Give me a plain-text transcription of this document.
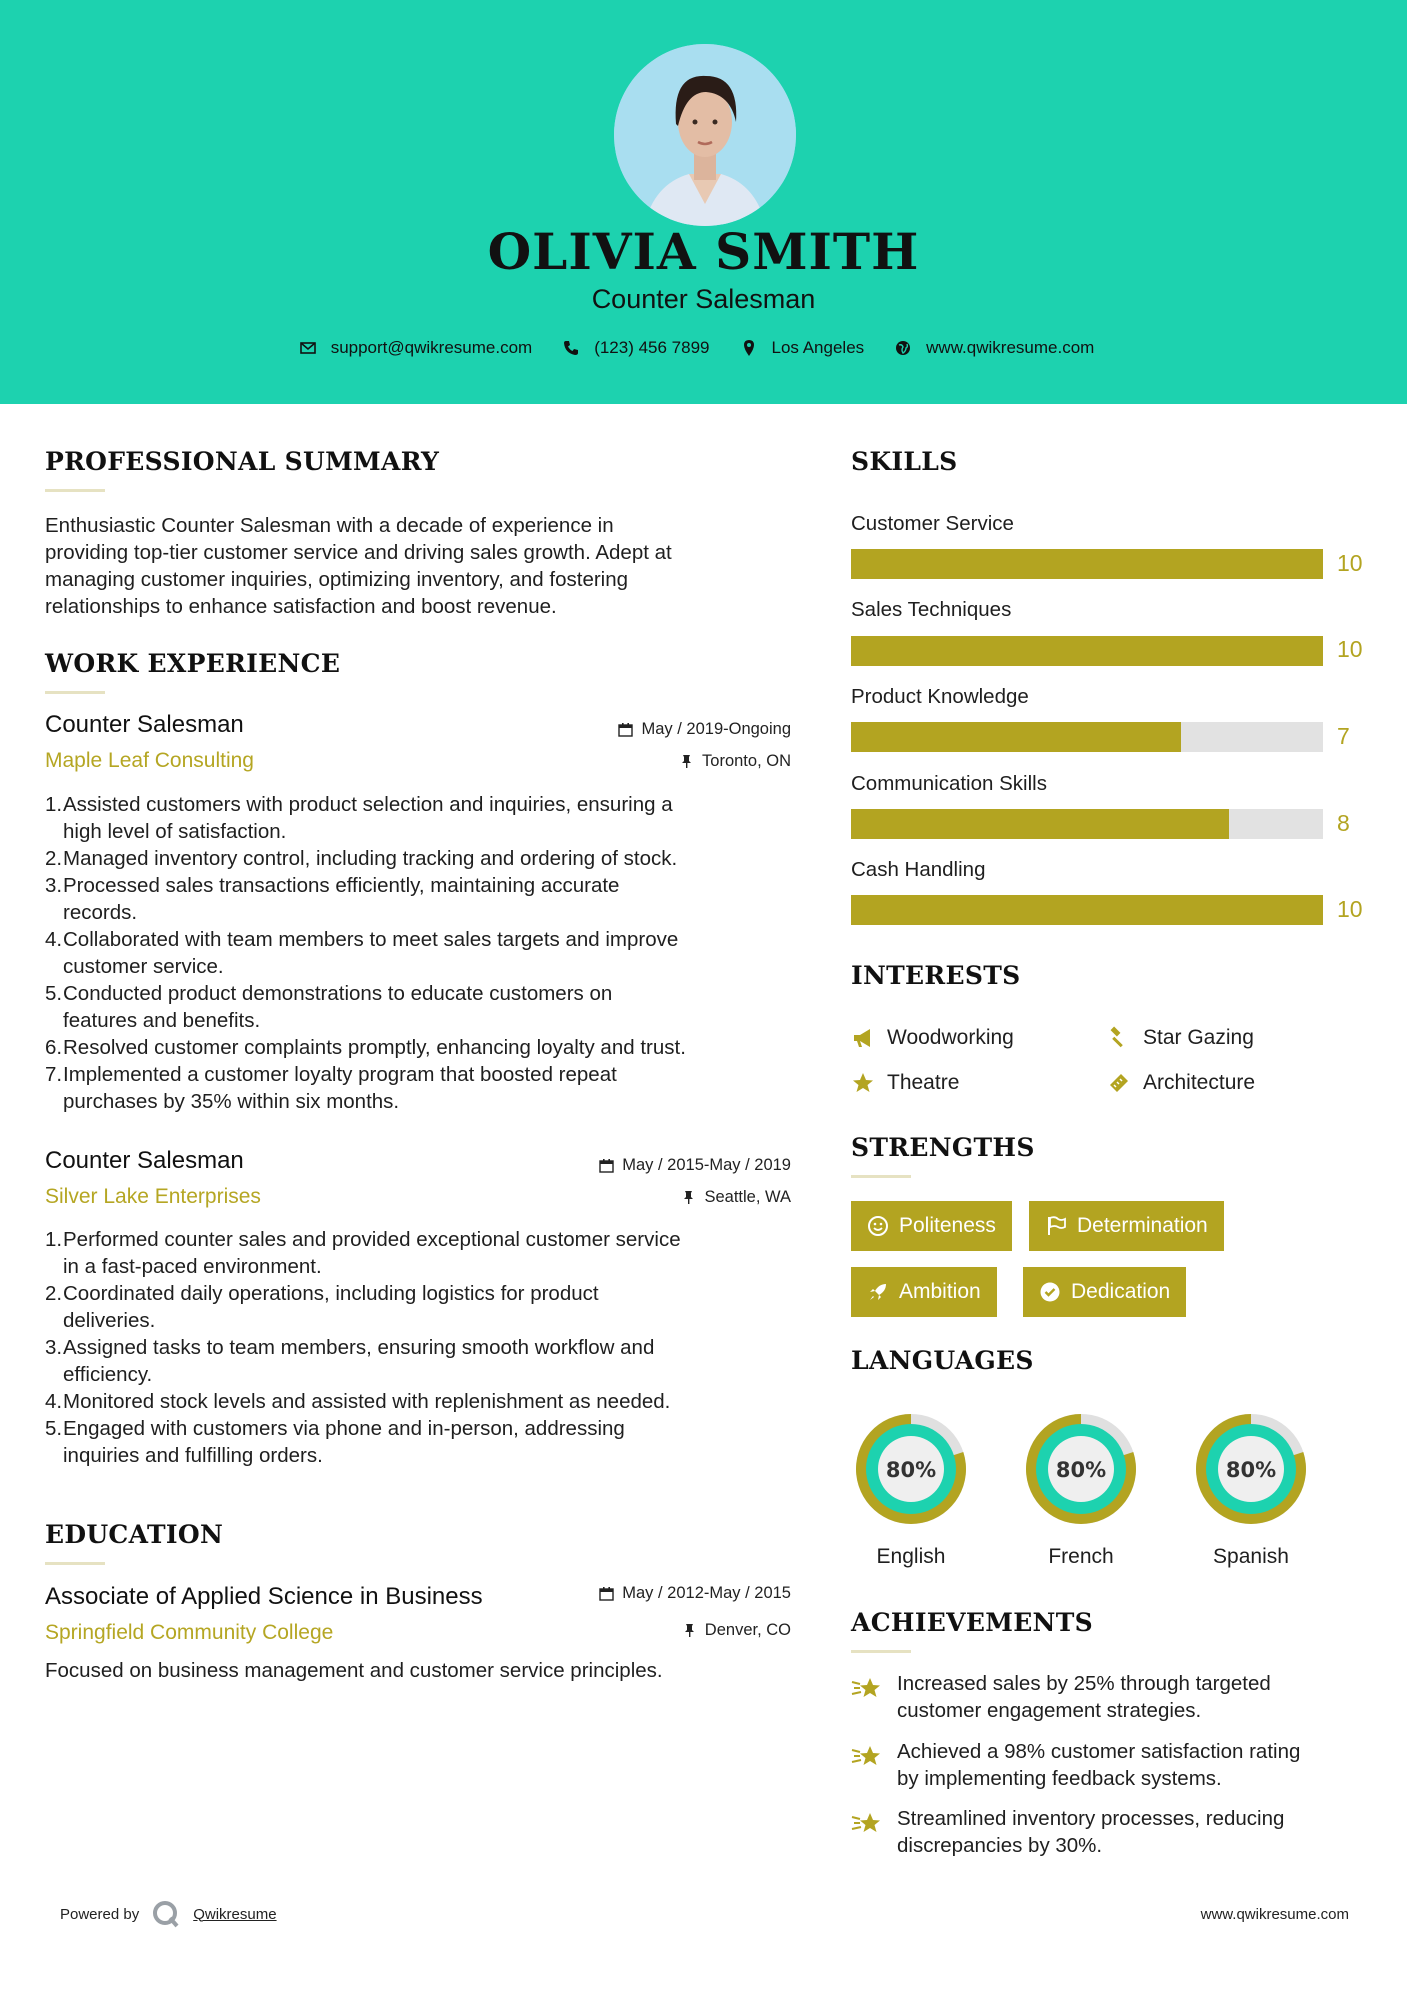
OLIVIA SMITH
Counter Salesman
support@qwikresume.com	(123) 456 7899	Los Angeles	www.qwikresume.com
PROFESSIONAL SUMMARY
Enthusiastic Counter Salesman with a decade of experience in
providing top-tier customer service and driving sales growth. Adept at
managing customer inquiries, optimizing inventory, and fostering
relationships to enhance satisfaction and boost revenue.
WORK EXPERIENCE
Counter Salesman
Maple Leaf Consulting
May / 2019-Ongoing
Toronto, ON
1. Assisted customers with product selection and inquiries, ensuring a
high level of satisfaction.
2. Managed inventory control, including tracking and ordering of stock.
3. Processed sales transactions efficiently, maintaining accurate
records.
4. Collaborated with team members to meet sales targets and improve
customer service.
5. Conducted product demonstrations to educate customers on
features and benefits.
6. Resolved customer complaints promptly, enhancing loyalty and trust.
7. Implemented a customer loyalty program that boosted repeat
purchases by 35% within six months.
Counter Salesman
Silver Lake Enterprises
May / 2015-May / 2019
Seattle, WA
1. Performed counter sales and provided exceptional customer service
in a fast-paced environment.
2. Coordinated daily operations, including logistics for product
deliveries.
3. Assigned tasks to team members, ensuring smooth workflow and
efficiency.
4. Monitored stock levels and assisted with replenishment as needed.
5. Engaged with customers via phone and in-person, addressing
inquiries and fulfilling orders.
EDUCATION
Associate of Applied Science in Business
Springfield Community College
May / 2012-May / 2015
Denver, CO
Focused on business management and customer service principles.
SKILLS
Customer Service
10
Sales Techniques
10
Product Knowledge
7
Communication Skills
8
Cash Handling
10
INTERESTS
Woodworking	Star Gazing
Theatre	Architecture
STRENGTHS
Politeness	Determination
Ambition	Dedication
LANGUAGES
80%
English
80%
French
80%
Spanish
ACHIEVEMENTS
Increased sales by 25% through targeted
customer engagement strategies.
Achieved a 98% customer satisfaction rating
by implementing feedback systems.
Streamlined inventory processes, reducing
discrepancies by 30%.
Powered by	Qwikresume	www.qwikresume.com
